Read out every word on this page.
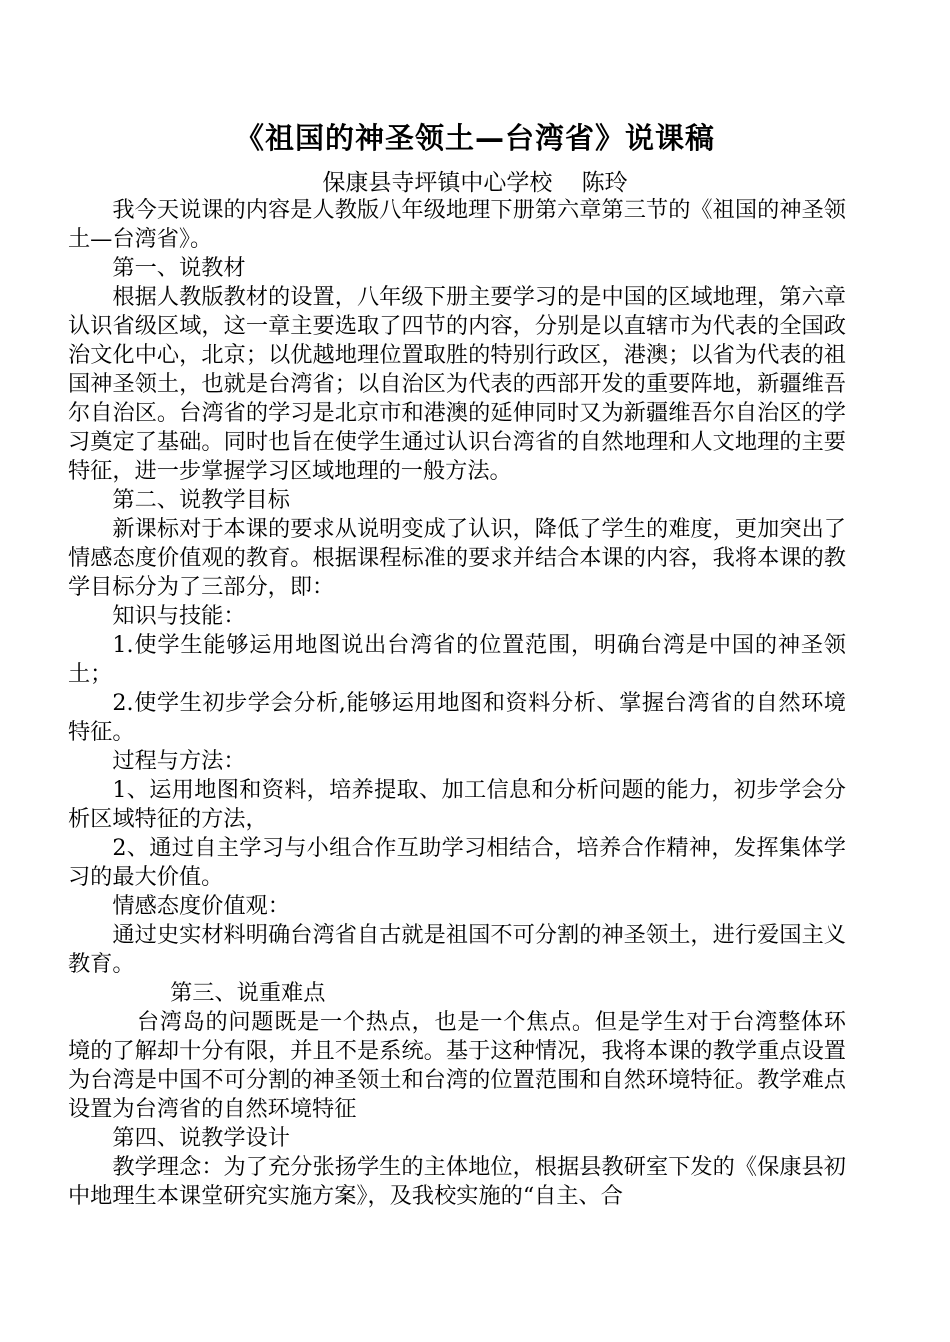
《祖国的神圣领土—台湾省》说课稿
保康县寺坪镇中心学校    陈玲

我今天说课的内容是人教版八年级地理下册第六章第三节的《祖国的神圣领土—台湾省》。

第一、说教材

根据人教版教材的设置，八年级下册主要学习的是中国的区域地理，第六章认识省级区域，这一章主要选取了四节的内容，分别是以直辖市为代表的全国政治文化中心，北京；以优越地理位置取胜的特别行政区，港澳；以省为代表的祖国神圣领土，也就是台湾省；以自治区为代表的西部开发的重要阵地，新疆维吾尔自治区。台湾省的学习是北京市和港澳的延伸同时又为新疆维吾尔自治区的学习奠定了基础。同时也旨在使学生通过认识台湾省的自然地理和人文地理的主要特征，进一步掌握学习区域地理的一般方法。

第二、说教学目标

新课标对于本课的要求从说明变成了认识，降低了学生的难度，更加突出了情感态度价值观的教育。根据课程标准的要求并结合本课的内容，我将本课的教学目标分为了三部分，即：

知识与技能：

1.使学生能够运用地图说出台湾省的位置范围，明确台湾是中国的神圣领土；

2.使学生初步学会分析,能够运用地图和资料分析、掌握台湾省的自然环境特征。

过程与方法：

1、运用地图和资料，培养提取、加工信息和分析问题的能力，初步学会分析区域特征的方法，

2、通过自主学习与小组合作互助学习相结合，培养合作精神，发挥集体学习的最大价值。

情感态度价值观：

通过史实材料明确台湾省自古就是祖国不可分割的神圣领土，进行爱国主义教育。

第三、说重难点

台湾岛的问题既是一个热点，也是一个焦点。但是学生对于台湾整体环境的了解却十分有限，并且不是系统。基于这种情况，我将本课的教学重点设置为台湾是中国不可分割的神圣领土和台湾的位置范围和自然环境特征。教学难点设置为台湾省的自然环境特征

第四、说教学设计

教学理念：为了充分张扬学生的主体地位，根据县教研室下发的《保康县初中地理生本课堂研究实施方案》，及我校实施的“自主、合
